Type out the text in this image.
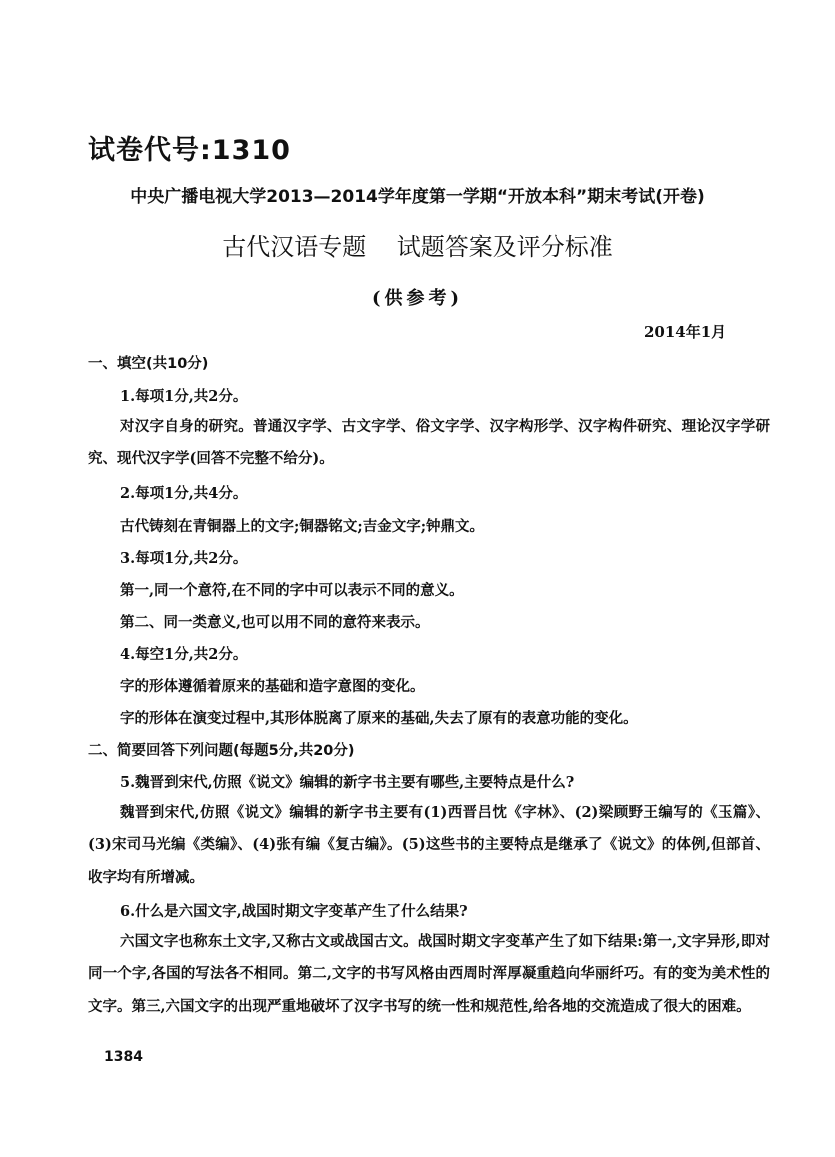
试卷代号:1310

中央广播电视大学2013—2014学年度第一学期“开放本科”期末考试(开卷)

古代汉语专题    试题答案及评分标准

(供参考)

2014年1月

一、填空(共10分)

1.每项1分,共2分。

对汉字自身的研究。普通汉字学、古文字学、俗文字学、汉字构形学、汉字构件研究、理论汉字学研究、现代汉字学(回答不完整不给分)。

2.每项1分,共4分。

古代铸刻在青铜器上的文字;铜器铭文;吉金文字;钟鼎文。

3.每项1分,共2分。

第一,同一个意符,在不同的字中可以表示不同的意义。

第二、同一类意义,也可以用不同的意符来表示。

4.每空1分,共2分。

字的形体遵循着原来的基础和造字意图的变化。

字的形体在演变过程中,其形体脱离了原来的基础,失去了原有的表意功能的变化。

二、简要回答下列问题(每题5分,共20分)

5.魏晋到宋代,仿照《说文》编辑的新字书主要有哪些,主要特点是什么?

魏晋到宋代,仿照《说文》编辑的新字书主要有(1)西晋吕忱《字林》、(2)梁顾野王编写的《玉篇》、(3)宋司马光编《类编》、(4)张有编《复古编》。(5)这些书的主要特点是继承了《说文》的体例,但部首、收字均有所增减。

6.什么是六国文字,战国时期文字变革产生了什么结果?

六国文字也称东土文字,又称古文或战国古文。战国时期文字变革产生了如下结果:第一,文字异形,即对同一个字,各国的写法各不相同。第二,文字的书写风格由西周时浑厚凝重趋向华丽纤巧。有的变为美术性的文字。第三,六国文字的出现严重地破坏了汉字书写的统一性和规范性,给各地的交流造成了很大的困难。

1384
